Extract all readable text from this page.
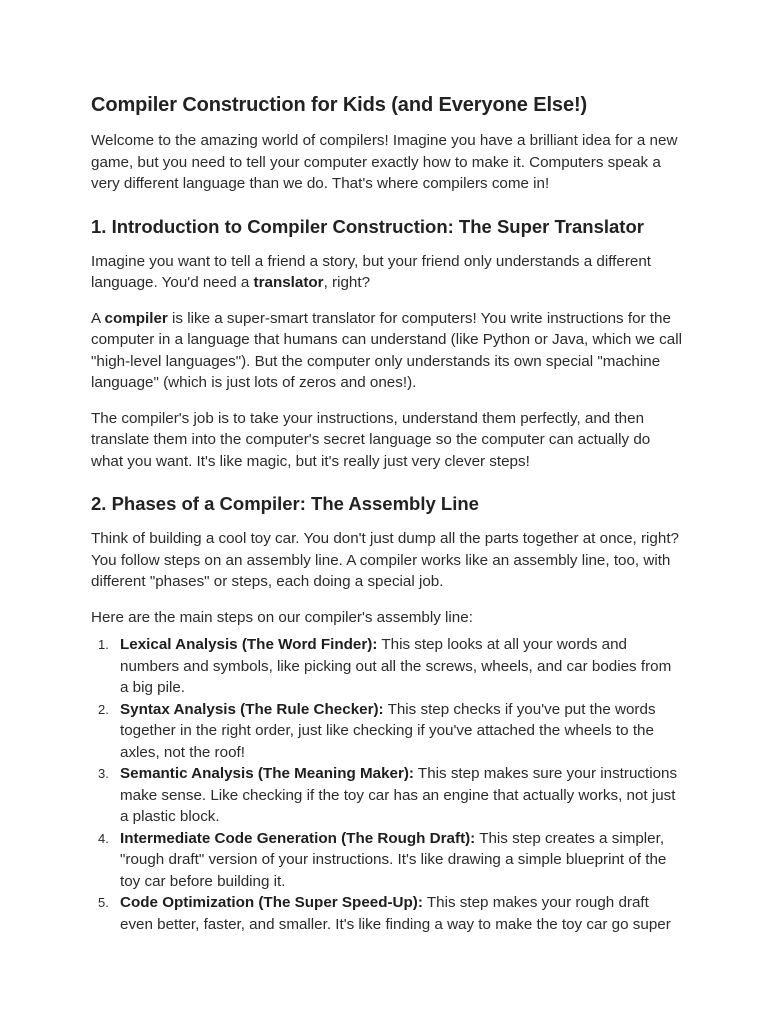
Compiler Construction for Kids (and Everyone Else!)

Welcome to the amazing world of compilers! Imagine you have a brilliant idea for a new game, but you need to tell your computer exactly how to make it. Computers speak a very different language than we do. That's where compilers come in!

1. Introduction to Compiler Construction: The Super Translator

Imagine you want to tell a friend a story, but your friend only understands a different language. You'd need a translator, right?

A compiler is like a super-smart translator for computers! You write instructions for the computer in a language that humans can understand (like Python or Java, which we call "high-level languages"). But the computer only understands its own special "machine language" (which is just lots of zeros and ones!).

The compiler's job is to take your instructions, understand them perfectly, and then translate them into the computer's secret language so the computer can actually do what you want. It's like magic, but it's really just very clever steps!

2. Phases of a Compiler: The Assembly Line

Think of building a cool toy car. You don't just dump all the parts together at once, right? You follow steps on an assembly line. A compiler works like an assembly line, too, with different "phases" or steps, each doing a special job.

Here are the main steps on our compiler's assembly line:

1. Lexical Analysis (The Word Finder): This step looks at all your words and numbers and symbols, like picking out all the screws, wheels, and car bodies from a big pile.
2. Syntax Analysis (The Rule Checker): This step checks if you've put the words together in the right order, just like checking if you've attached the wheels to the axles, not the roof!
3. Semantic Analysis (The Meaning Maker): This step makes sure your instructions make sense. Like checking if the toy car has an engine that actually works, not just a plastic block.
4. Intermediate Code Generation (The Rough Draft): This step creates a simpler, "rough draft" version of your instructions. It's like drawing a simple blueprint of the toy car before building it.
5. Code Optimization (The Super Speed-Up): This step makes your rough draft even better, faster, and smaller. It's like finding a way to make the toy car go super
